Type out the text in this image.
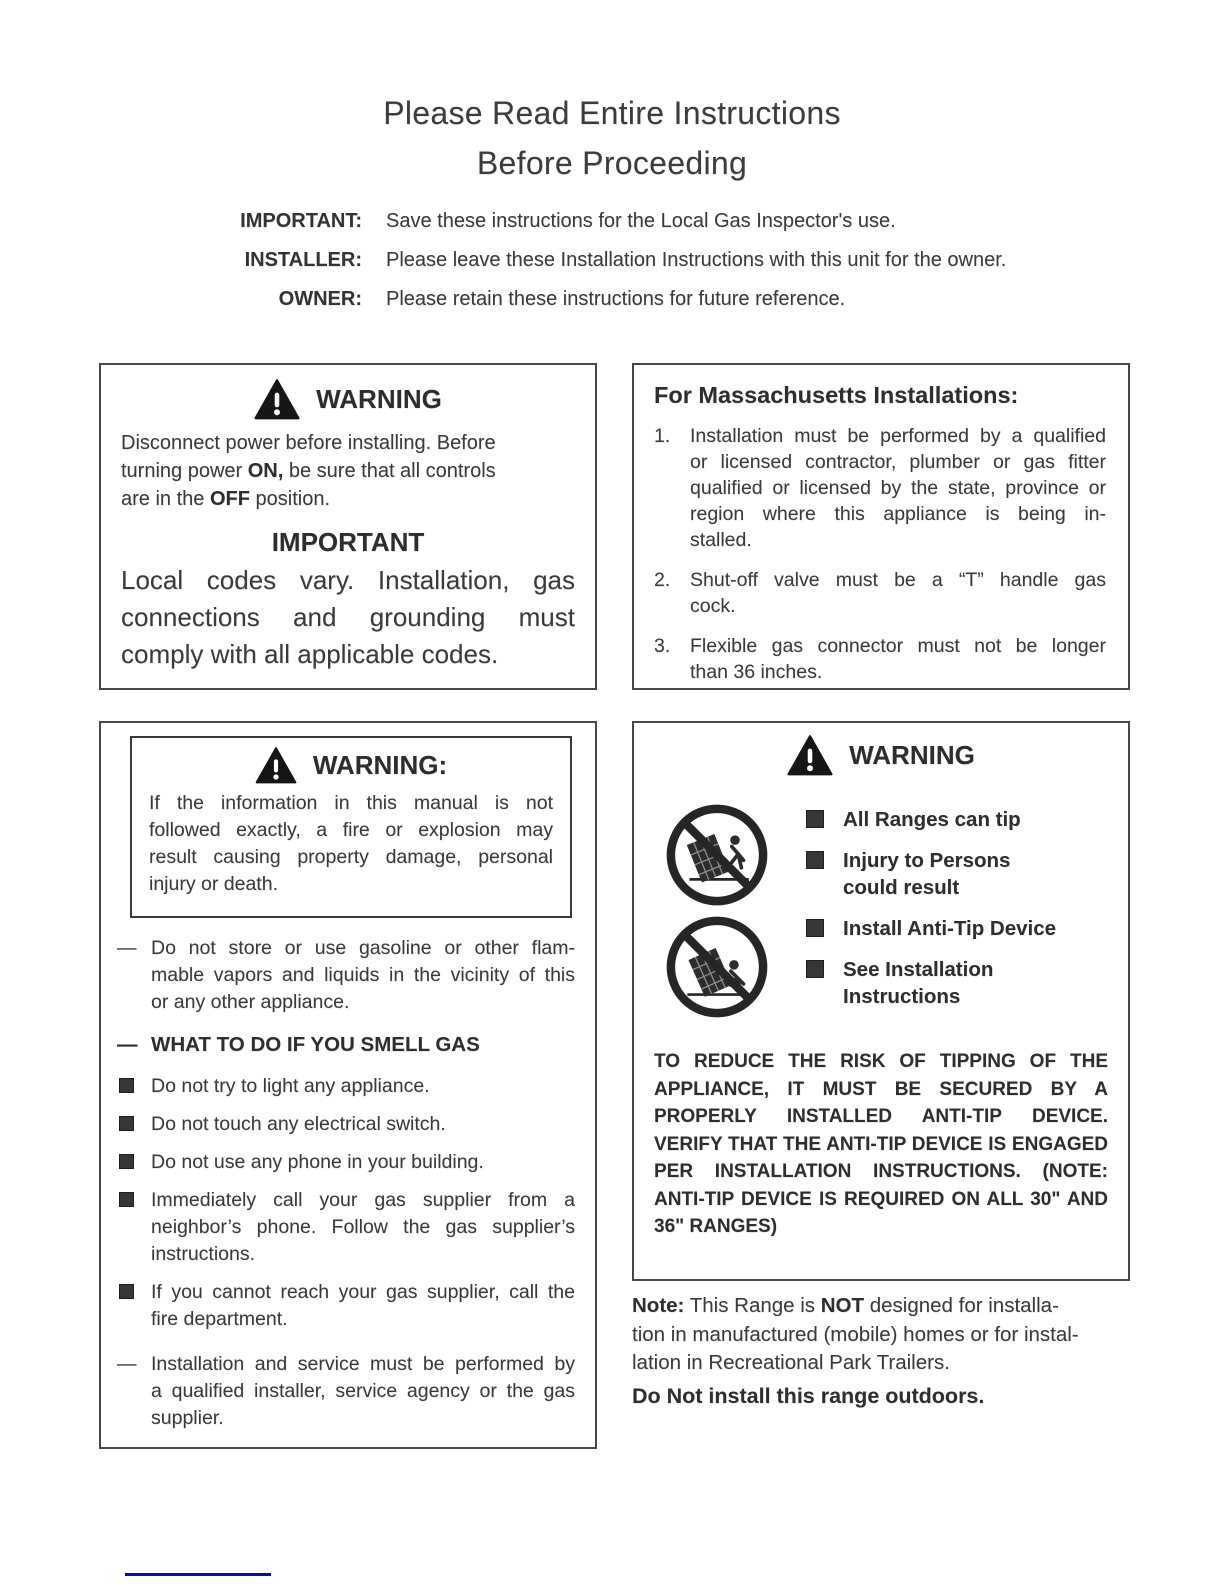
Please Read Entire Instructions
Before Proceeding
IMPORTANT: Save these instructions for the Local Gas Inspector's use.
INSTALLER: Please leave these Installation Instructions with this unit for the owner.
OWNER: Please retain these instructions for future reference.
WARNING
Disconnect power before installing. Before
turning power ON, be sure that all controls
are in the OFF position.
IMPORTANT
Local codes vary. Installation, gas
connections and grounding must
comply with all applicable codes.
For Massachusetts Installations:
1.	Installation must be performed by a qualified
or licensed contractor, plumber or gas fitter
qualified or licensed by the state, province or
region where this appliance is being in-
stalled.
2.	Shut-off valve must be a “T” handle gas
cock.
3.	Flexible gas connector must not be longer
than 36 inches.
WARNING:
If the information in this manual is not
followed exactly, a fire or explosion may
result causing property damage, personal
injury or death.
— Do not store or use gasoline or other flam-
mable vapors and liquids in the vicinity of this
or any other appliance.
— WHAT TO DO IF YOU SMELL GAS
Do not try to light any appliance.
Do not touch any electrical switch.
Do not use any phone in your building.
Immediately call your gas supplier from a
neighbor’s phone. Follow the gas supplier’s
instructions.
If you cannot reach your gas supplier, call the
fire department.
— Installation and service must be performed by
a qualified installer, service agency or the gas
supplier.
WARNING
All Ranges can tip
Injury to Persons
could result
Install Anti-Tip Device
See Installation
Instructions
TO REDUCE THE RISK OF TIPPING OF THE
APPLIANCE, IT MUST BE SECURED BY A
PROPERLY INSTALLED ANTI-TIP DEVICE.
VERIFY THAT THE ANTI-TIP DEVICE IS ENGAGED
PER INSTALLATION INSTRUCTIONS. (NOTE:
ANTI-TIP DEVICE IS REQUIRED ON ALL 30" AND
36" RANGES)
Note: This Range is NOT designed for installa-
tion in manufactured (mobile) homes or for instal-
lation in Recreational Park Trailers.
Do Not install this range outdoors.
